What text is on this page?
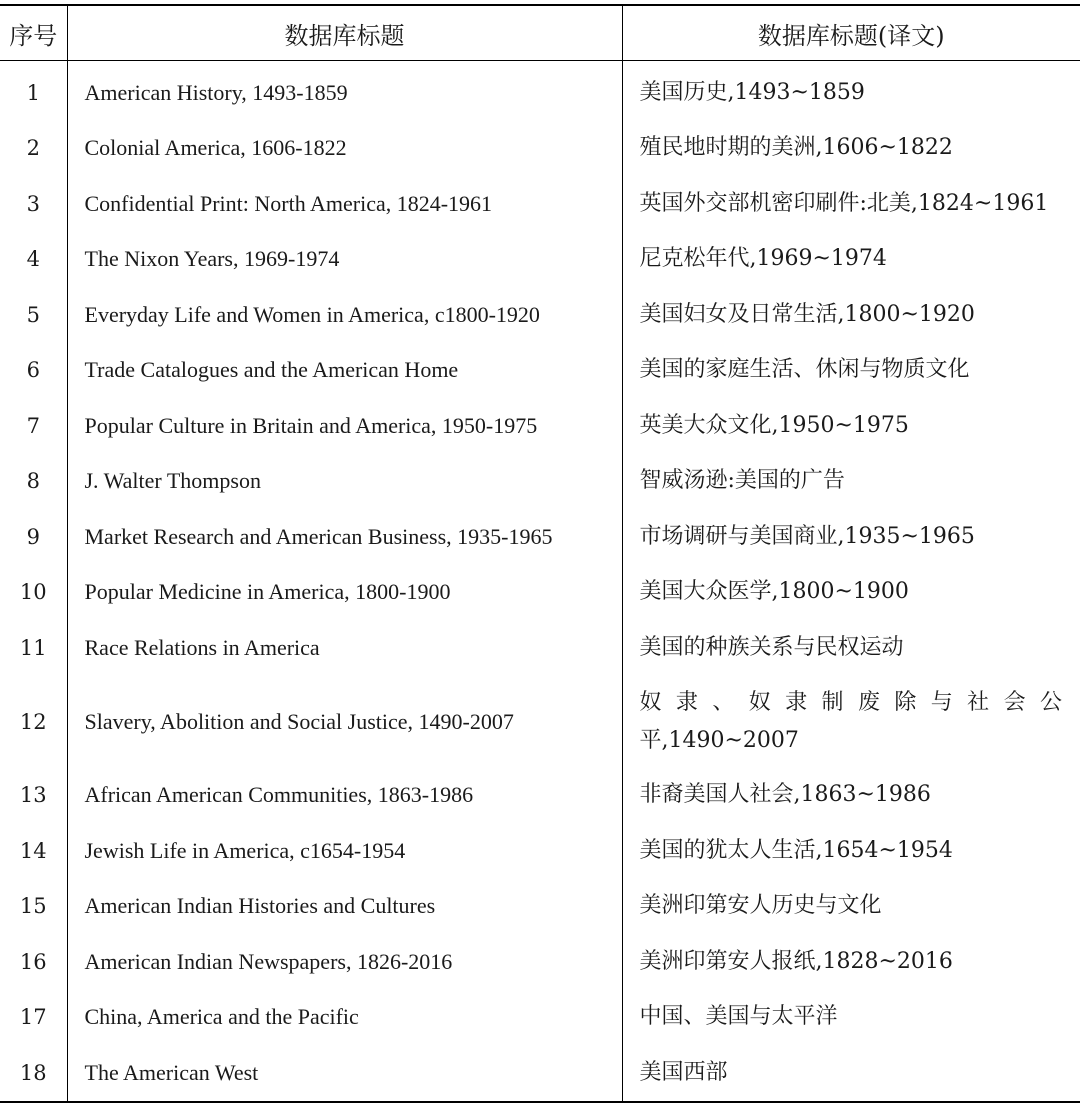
序号	数据库标题	数据库标题(译文)
1	American History, 1493-1859	美国历史,1493~1859
2	Colonial America, 1606-1822	殖民地时期的美洲,1606~1822
3	Confidential Print: North America, 1824-1961	英国外交部机密印刷件:北美,1824~1961
4	The Nixon Years, 1969-1974	尼克松年代,1969~1974
5	Everyday Life and Women in America, c1800-1920	美国妇女及日常生活,1800~1920
6	Trade Catalogues and the American Home	美国的家庭生活、休闲与物质文化
7	Popular Culture in Britain and America, 1950-1975	英美大众文化,1950~1975
8	J. Walter Thompson	智威汤逊:美国的广告
9	Market Research and American Business, 1935-1965	市场调研与美国商业,1935~1965
10	Popular Medicine in America, 1800-1900	美国大众医学,1800~1900
11	Race Relations in America	美国的种族关系与民权运动
12	Slavery, Abolition and Social Justice, 1490-2007	奴隶、奴隶制废除与社会公平,1490~2007
13	African American Communities, 1863-1986	非裔美国人社会,1863~1986
14	Jewish Life in America, c1654-1954	美国的犹太人生活,1654~1954
15	American Indian Histories and Cultures	美洲印第安人历史与文化
16	American Indian Newspapers, 1826-2016	美洲印第安人报纸,1828~2016
17	China, America and the Pacific	中国、美国与太平洋
18	The American West	美国西部
